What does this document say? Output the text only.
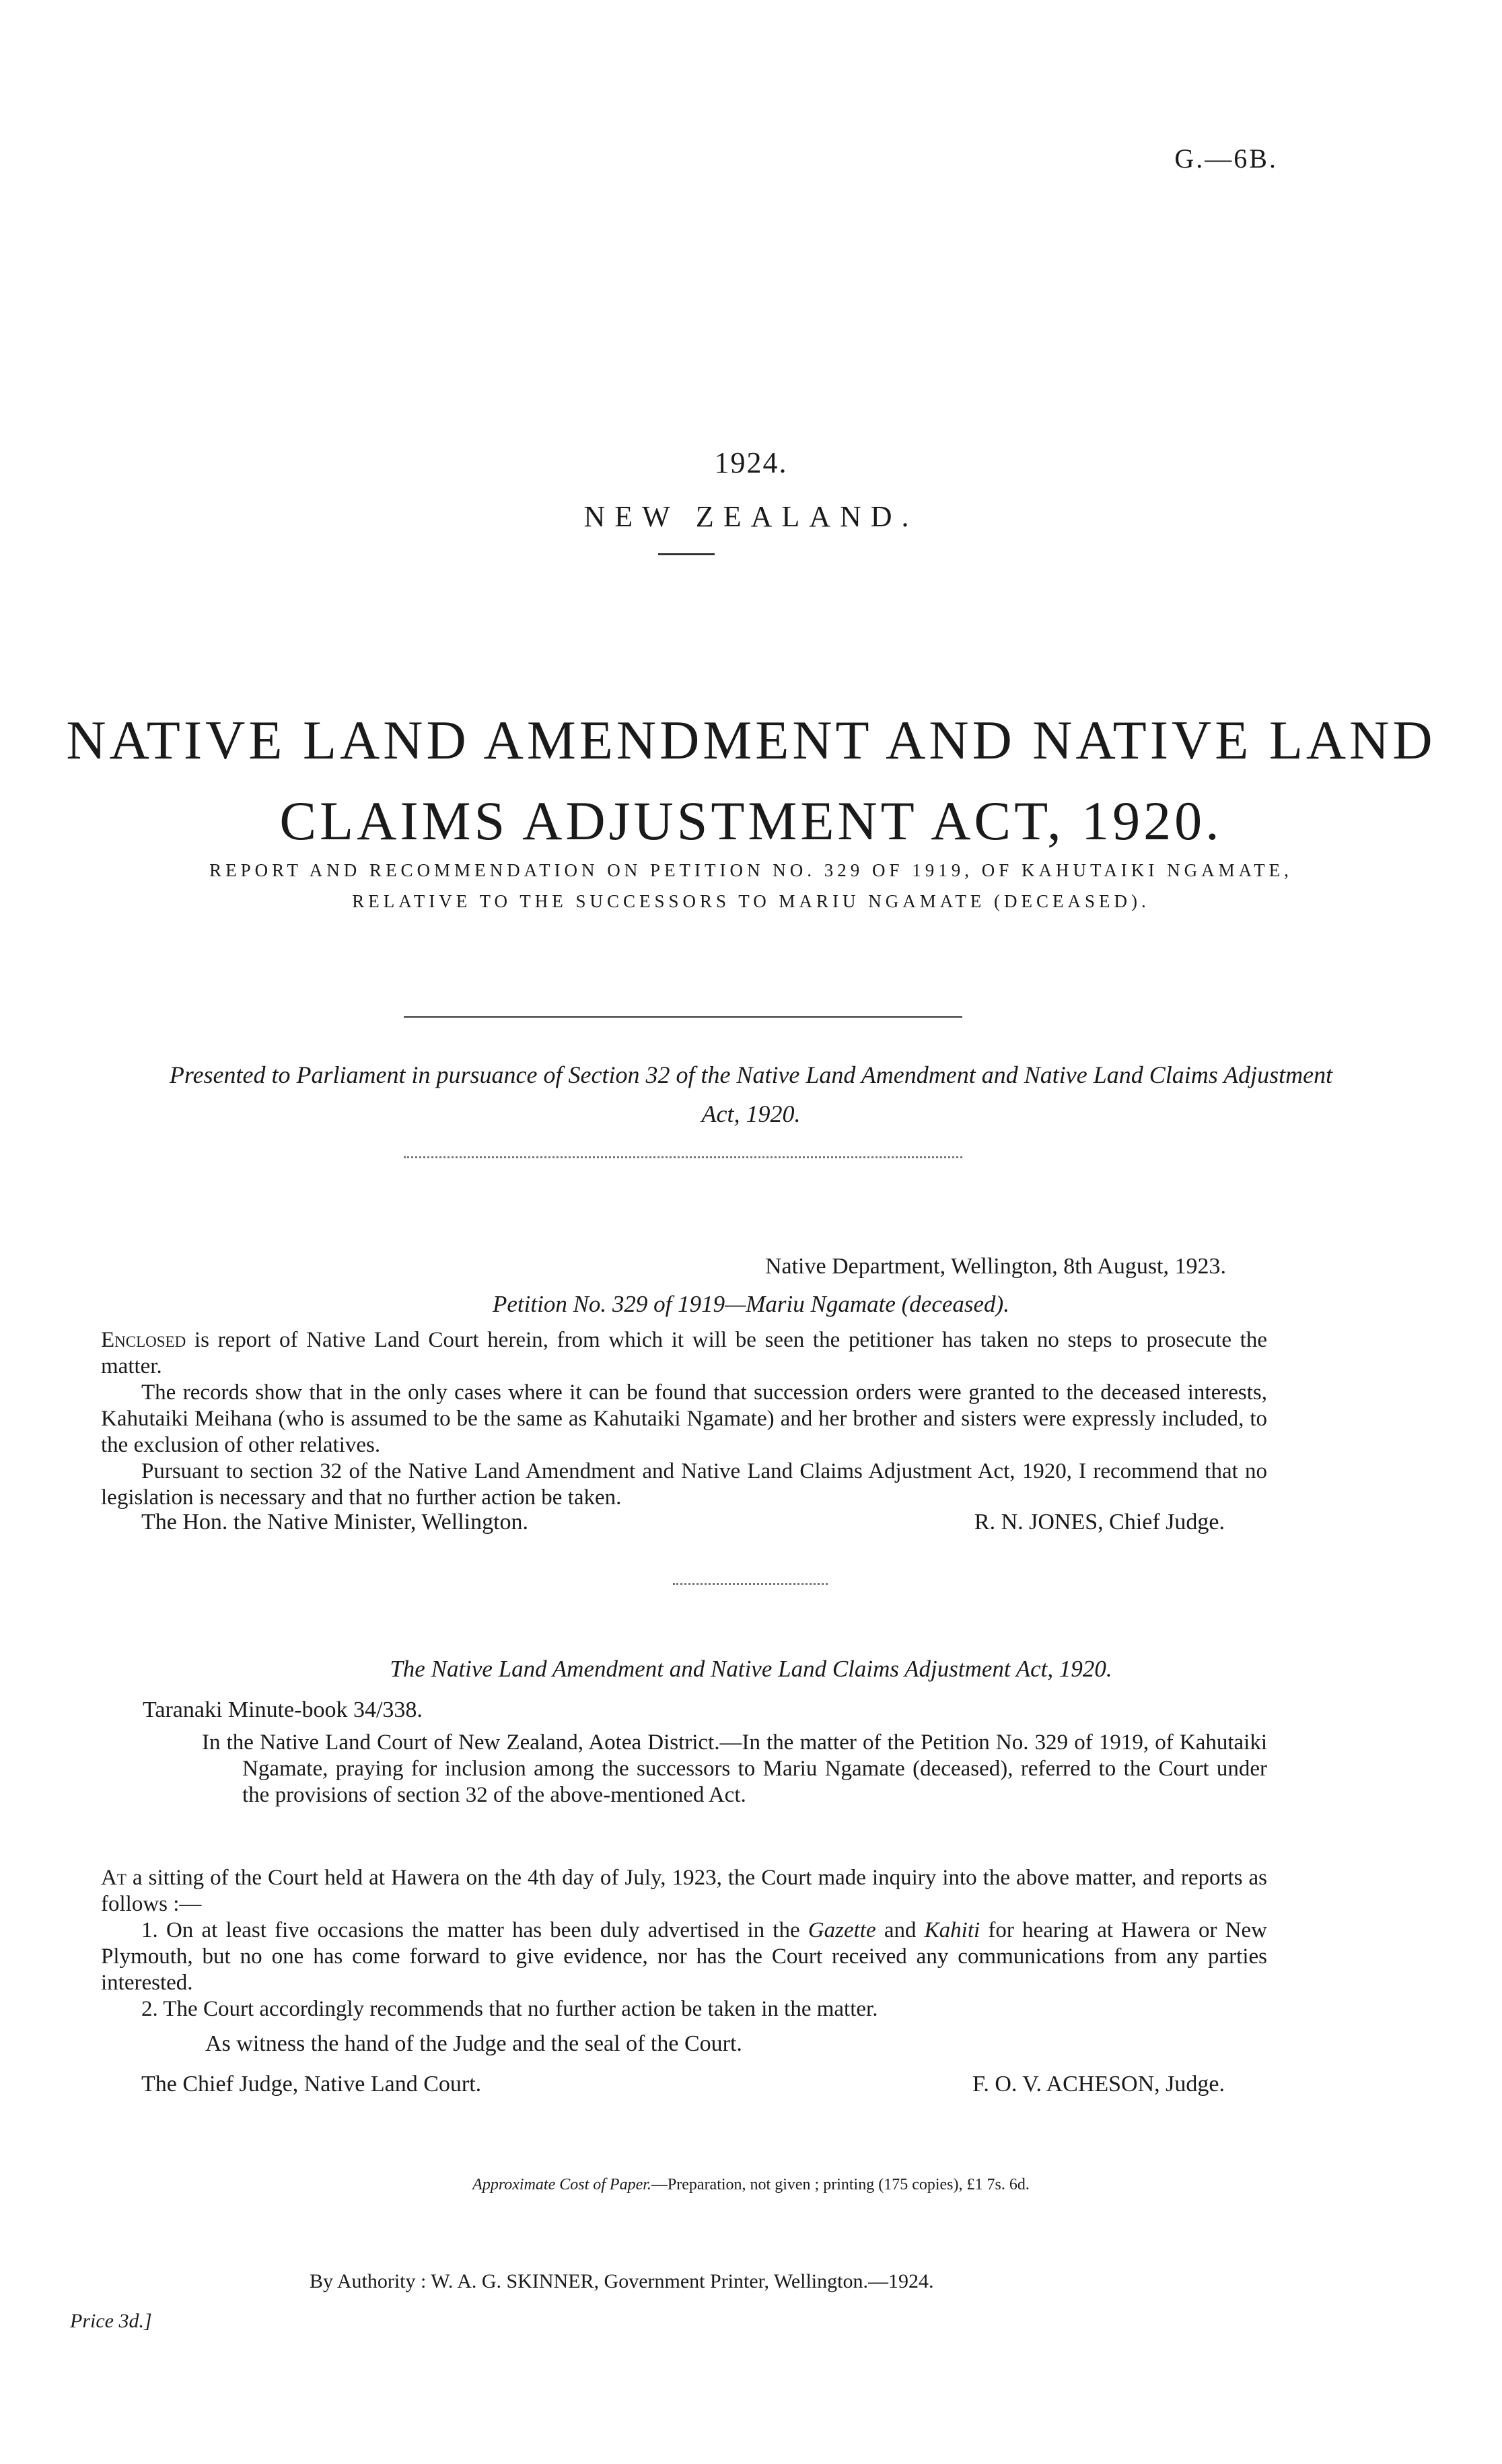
G.—6B.
1924.
NEW ZEALAND.
NATIVE LAND AMENDMENT AND NATIVE LAND
CLAIMS ADJUSTMENT ACT, 1920.
REPORT AND RECOMMENDATION ON PETITION NO. 329 OF 1919, OF KAHUTAIKI NGAMATE,
RELATIVE TO THE SUCCESSORS TO MARIU NGAMATE (DECEASED).
Presented to Parliament in pursuance of Section 32 of the Native Land Amendment and Native Land Claims Adjustment Act, 1920.
Native Department, Wellington, 8th August, 1923.
Petition No. 329 of 1919—Mariu Ngamate (deceased).
Enclosed is report of Native Land Court herein, from which it will be seen the petitioner has taken no steps to prosecute the matter.
The records show that in the only cases where it can be found that succession orders were granted to the deceased interests, Kahutaiki Meihana (who is assumed to be the same as Kahutaiki Ngamate) and her brother and sisters were expressly included, to the exclusion of other relatives.
Pursuant to section 32 of the Native Land Amendment and Native Land Claims Adjustment Act, 1920, I recommend that no legislation is necessary and that no further action be taken.
The Hon. the Native Minister, Wellington.	R. N. JONES, Chief Judge.
The Native Land Amendment and Native Land Claims Adjustment Act, 1920.
Taranaki Minute-book 34/338.
In the Native Land Court of New Zealand, Aotea District.—In the matter of the Petition No. 329 of 1919, of Kahutaiki Ngamate, praying for inclusion among the successors to Mariu Ngamate (deceased), referred to the Court under the provisions of section 32 of the above-mentioned Act.
At a sitting of the Court held at Hawera on the 4th day of July, 1923, the Court made inquiry into the above matter, and reports as follows :—
1. On at least five occasions the matter has been duly advertised in the Gazette and Kahiti for hearing at Hawera or New Plymouth, but no one has come forward to give evidence, nor has the Court received any communications from any parties interested.
2. The Court accordingly recommends that no further action be taken in the matter.
As witness the hand of the Judge and the seal of the Court.
The Chief Judge, Native Land Court.	F. O. V. ACHESON, Judge.
Approximate Cost of Paper.—Preparation, not given ; printing (175 copies), £1 7s. 6d.
By Authority : W. A. G. SKINNER, Government Printer, Wellington.—1924.
Price 3d.]
